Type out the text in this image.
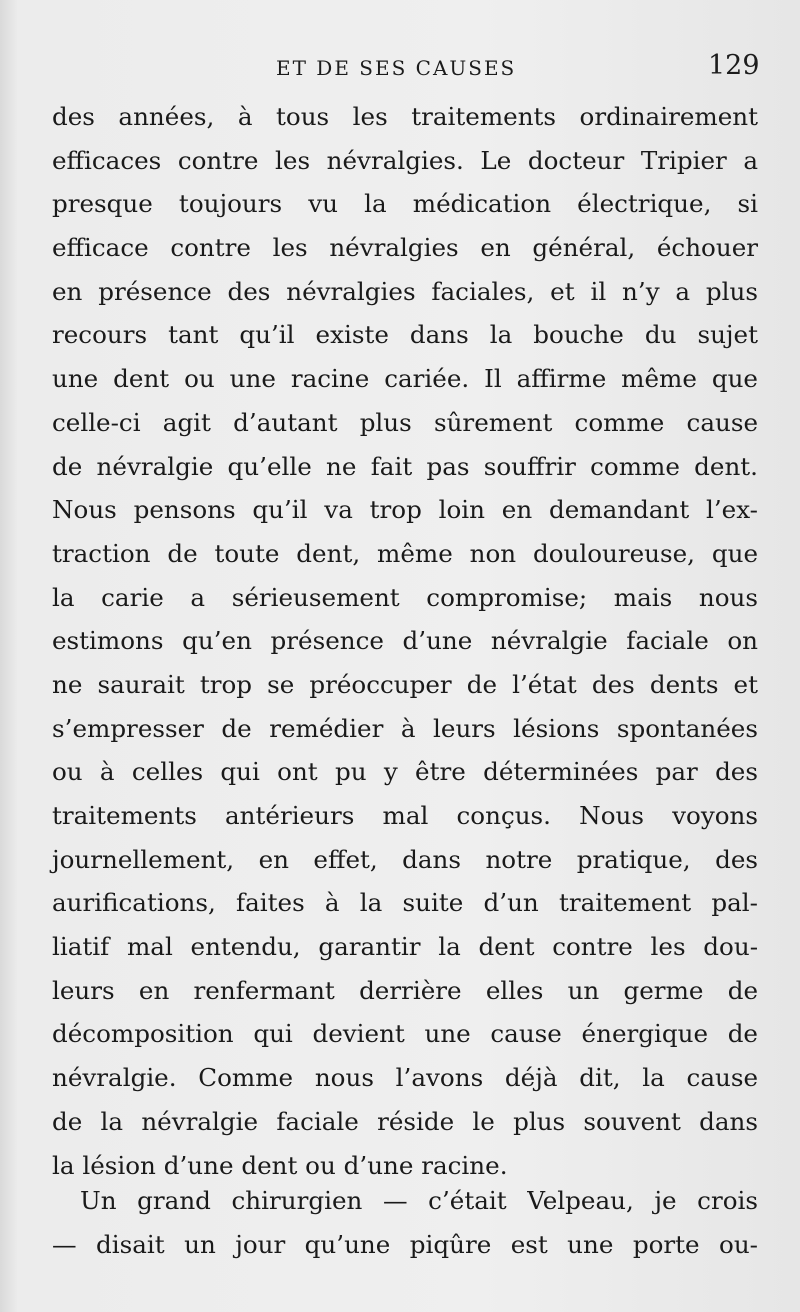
ET DE SES CAUSES	129
des années, à tous les traitements ordinairement
efficaces contre les névralgies. Le docteur Tripier a
presque toujours vu la médication électrique, si
efficace contre les névralgies en général, échouer
en présence des névralgies faciales, et il n’y a plus
recours tant qu’il existe dans la bouche du sujet
une dent ou une racine cariée. Il affirme même que
celle-ci agit d’autant plus sûrement comme cause
de névralgie qu’elle ne fait pas souffrir comme dent.
Nous pensons qu’il va trop loin en demandant l’ex-
traction de toute dent, même non douloureuse, que
la carie a sérieusement compromise; mais nous
estimons qu’en présence d’une névralgie faciale on
ne saurait trop se préoccuper de l’état des dents et
s’empresser de remédier à leurs lésions spontanées
ou à celles qui ont pu y être déterminées par des
traitements antérieurs mal conçus. Nous voyons
journellement, en effet, dans notre pratique, des
aurifications, faites à la suite d’un traitement pal-
liatif mal entendu, garantir la dent contre les dou-
leurs en renfermant derrière elles un germe de
décomposition qui devient une cause énergique de
névralgie. Comme nous l’avons déjà dit, la cause
de la névralgie faciale réside le plus souvent dans
la lésion d’une dent ou d’une racine.
Un grand chirurgien — c’était Velpeau, je crois
— disait un jour qu’une piqûre est une porte ou-
